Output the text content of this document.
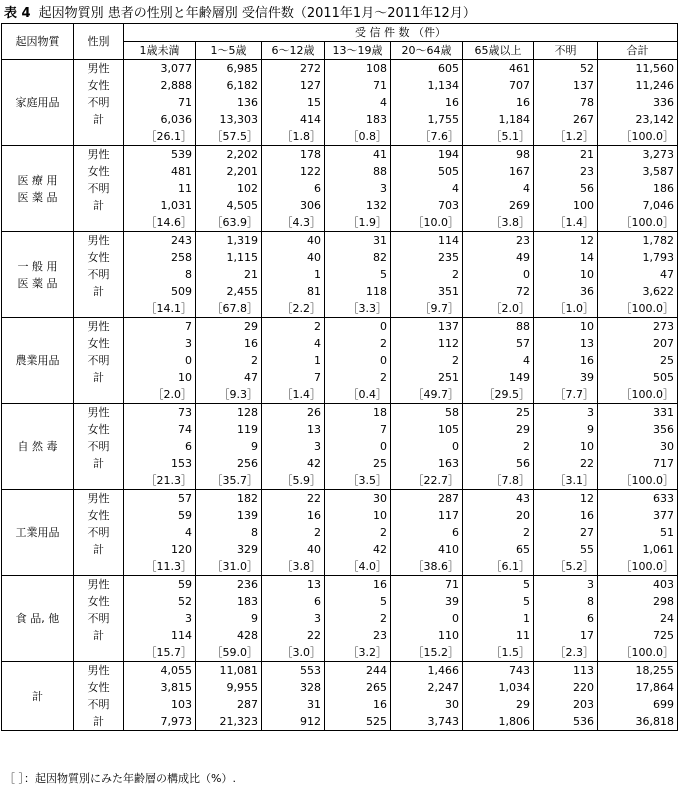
表 4 起因物質別 患者の性別と年齢層別 受信件数（2011年1月～2011年12月）
起因物質	性別	受 信 件 数 （件）							
		1歳未満	1～5歳	6～12歳	13～19歳	20～64歳	65歳以上	不明	合計
家庭用品	男性	3,077	6,985	272	108	605	461	52	11,560
	女性	2,888	6,182	127	71	1,134	707	137	11,246
	不明	71	136	15	4	16	16	78	336
	計	6,036	13,303	414	183	1,755	1,184	267	23,142
		［26.1］	［57.5］	［1.8］	［0.8］	［7.6］	［5.1］	［1.2］	［100.0］
医 療 用
医 薬 品	男性	539	2,202	178	41	194	98	21	3,273
	女性	481	2,201	122	88	505	167	23	3,587
	不明	11	102	6	3	4	4	56	186
	計	1,031	4,505	306	132	703	269	100	7,046
		［14.6］	［63.9］	［4.3］	［1.9］	［10.0］	［3.8］	［1.4］	［100.0］
一 般 用
医 薬 品	男性	243	1,319	40	31	114	23	12	1,782
	女性	258	1,115	40	82	235	49	14	1,793
	不明	8	21	1	5	2	0	10	47
	計	509	2,455	81	118	351	72	36	3,622
		［14.1］	［67.8］	［2.2］	［3.3］	［9.7］	［2.0］	［1.0］	［100.0］
農業用品	男性	7	29	2	0	137	88	10	273
	女性	3	16	4	2	112	57	13	207
	不明	0	2	1	0	2	4	16	25
	計	10	47	7	2	251	149	39	505
		［2.0］	［9.3］	［1.4］	［0.4］	［49.7］	［29.5］	［7.7］	［100.0］
自 然 毒	男性	73	128	26	18	58	25	3	331
	女性	74	119	13	7	105	29	9	356
	不明	6	9	3	0	0	2	10	30
	計	153	256	42	25	163	56	22	717
		［21.3］	［35.7］	［5.9］	［3.5］	［22.7］	［7.8］	［3.1］	［100.0］
工業用品	男性	57	182	22	30	287	43	12	633
	女性	59	139	16	10	117	20	16	377
	不明	4	8	2	2	6	2	27	51
	計	120	329	40	42	410	65	55	1,061
		［11.3］	［31.0］	［3.8］	［4.0］	［38.6］	［6.1］	［5.2］	［100.0］
食 品, 他	男性	59	236	13	16	71	5	3	403
	女性	52	183	6	5	39	5	8	298
	不明	3	9	3	2	0	1	6	24
	計	114	428	22	23	110	11	17	725
		［15.7］	［59.0］	［3.0］	［3.2］	［15.2］	［1.5］	［2.3］	［100.0］
計	男性	4,055	11,081	553	244	1,466	743	113	18,255
	女性	3,815	9,955	328	265	2,247	1,034	220	17,864
	不明	103	287	31	16	30	29	203	699
	計	7,973	21,323	912	525	3,743	1,806	536	36,818
［ ］：起因物質別にみた年齢層の構成比（%）.
